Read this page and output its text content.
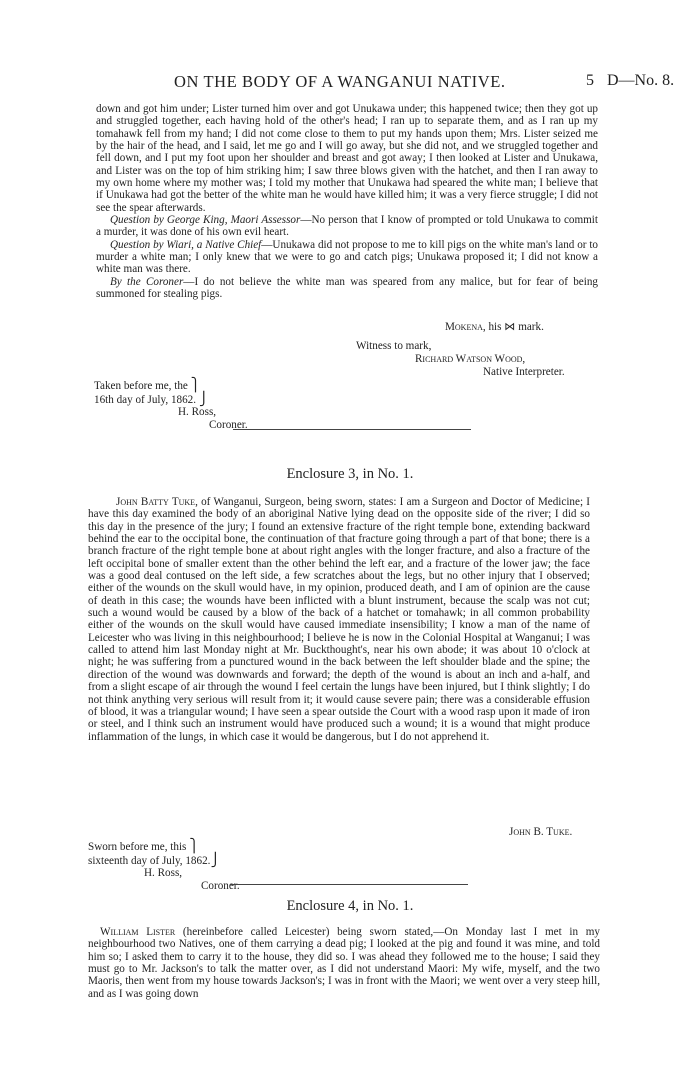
ON THE BODY OF A WANGANUI NATIVE.	5 D—No. 8.

down and got him under; Lister turned him over and got Unukawa under; this happened twice; then they got up and struggled together, each having hold of the other's head; I ran up to separate them, and as I ran up my tomahawk fell from my hand; I did not come close to them to put my hands upon them; Mrs. Lister seized me by the hair of the head, and I said, let me go and I will go away, but she did not, and we struggled together and fell down, and I put my foot upon her shoulder and breast and got away; I then looked at Lister and Unukawa, and Lister was on the top of him striking him; I saw three blows given with the hatchet, and then I ran away to my own home where my mother was; I told my mother that Unukawa had speared the white man; I believe that if Unukawa had got the better of the white man he would have killed him; it was a very fierce struggle; I did not see the spear afterwards.

Question by George King, Maori Assessor—No person that I know of prompted or told Unukawa to commit a murder, it was done of his own evil heart.

Question by Wiari, a Native Chief—Unukawa did not propose to me to kill pigs on the white man's land or to murder a white man; I only knew that we were to go and catch pigs; Unukawa proposed it; I did not know a white man was there.

By the Coroner—I do not believe the white man was speared from any malice, but for fear of being summoned for stealing pigs.

Mokena, his ⋈ mark.
Witness to mark,
Richard Watson Wood,
Native Interpreter.
Taken before me, the ⎫
16th day of July, 1862. ⎭
H. Ross,
Coroner.
Enclosure 3, in No. 1.

John Batty Tuke, of Wanganui, Surgeon, being sworn, states: I am a Surgeon and Doctor of Medicine; I have this day examined the body of an aboriginal Native lying dead on the opposite side of the river; I did so this day in the presence of the jury; I found an extensive fracture of the right temple bone, extending backward behind the ear to the occipital bone, the continuation of that fracture going through a part of that bone; there is a branch fracture of the right temple bone at about right angles with the longer fracture, and also a fracture of the left occipital bone of smaller extent than the other behind the left ear, and a fracture of the lower jaw; the face was a good deal contused on the left side, a few scratches about the legs, but no other injury that I observed; either of the wounds on the skull would have, in my opinion, produced death, and I am of opinion are the cause of death in this case; the wounds have been inflicted with a blunt instrument, because the scalp was not cut; such a wound would be caused by a blow of the back of a hatchet or tomahawk; in all common probability either of the wounds on the skull would have caused immediate insensibility; I know a man of the name of Leicester who was living in this neighbourhood; I believe he is now in the Colonial Hospital at Wanganui; I was called to attend him last Monday night at Mr. Buckthought's, near his own abode; it was about 10 o'clock at night; he was suffering from a punctured wound in the back between the left shoulder blade and the spine; the direction of the wound was downwards and forward; the depth of the wound is about an inch and a-half, and from a slight escape of air through the wound I feel certain the lungs have been injured, but I think slightly; I do not think anything very serious will result from it; it would cause severe pain; there was a considerable effusion of blood, it was a triangular wound; I have seen a spear outside the Court with a wood rasp upon it made of iron or steel, and I think such an instrument would have produced such a wound; it is a wound that might produce inflammation of the lungs, in which case it would be dangerous, but I do not apprehend it.

John B. Tuke.
Sworn before me, this ⎫
sixteenth day of July, 1862.⎭
H. Ross,
Coroner.
Enclosure 4, in No. 1.

William Lister (hereinbefore called Leicester) being sworn stated,—On Monday last I met in my neighbourhood two Natives, one of them carrying a dead pig; I looked at the pig and found it was mine, and told him so; I asked them to carry it to the house, they did so. I was ahead they followed me to the house; I said they must go to Mr. Jackson's to talk the matter over, as I did not understand Maori: My wife, myself, and the two Maoris, then went from my house towards Jackson's; I was in front with the Maori; we went over a very steep hill, and as I was going down
